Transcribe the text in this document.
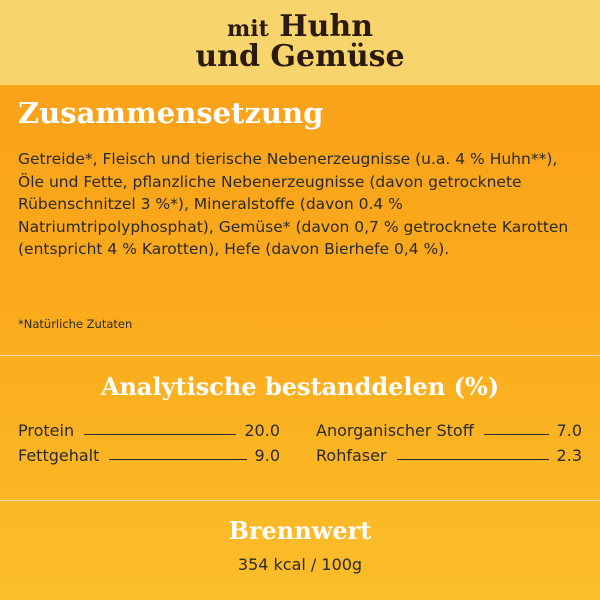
mit Huhn
und Gemüse
Zusammensetzung
Getreide*, Fleisch und tierische Nebenerzeugnisse (u.a. 4 % Huhn**), Öle und Fette, pflanzliche Nebenerzeugnisse (davon getrocknete Rübenschnitzel 3 %*), Mineralstoffe (davon 0.4 % Natriumtripolyphosphat), Gemüse* (davon 0,7 % getrocknete Karotten (entspricht 4 % Karotten), Hefe (davon Bierhefe 0,4 %).
*Natürliche Zutaten
Analytische bestanddelen (%)
Protein	20.0
Fettgehalt	9.0
Anorganischer Stoff	7.0
Rohfaser	2.3
Brennwert
354 kcal / 100g
